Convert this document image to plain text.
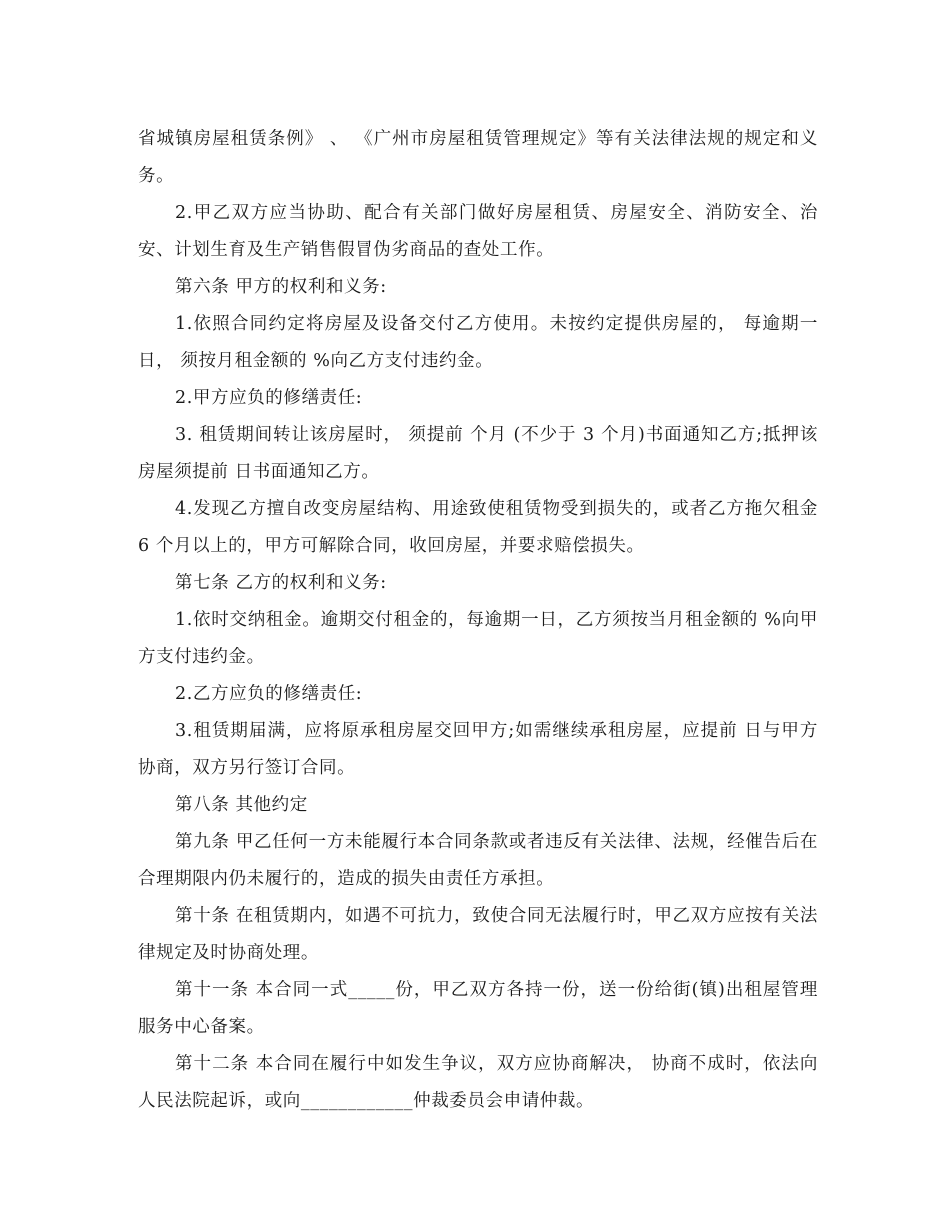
省城镇房屋租赁条例》 、 《广州市房屋租赁管理规定》等有关法律法规的规定和义务。

2.甲乙双方应当协助、配合有关部门做好房屋租赁、房屋安全、消防安全、治安、计划生育及生产销售假冒伪劣商品的查处工作。

第六条 甲方的权利和义务:

1.依照合同约定将房屋及设备交付乙方使用。未按约定提供房屋的， 每逾期一日， 须按月租金额的 %向乙方支付违约金。

2.甲方应负的修缮责任:

3. 租赁期间转让该房屋时， 须提前 个月 (不少于 3 个月)书面通知乙方;抵押该房屋须提前 日书面通知乙方。

4.发现乙方擅自改变房屋结构、用途致使租赁物受到损失的，或者乙方拖欠租金 6 个月以上的，甲方可解除合同，收回房屋，并要求赔偿损失。

第七条 乙方的权利和义务:

1.依时交纳租金。逾期交付租金的，每逾期一日，乙方须按当月租金额的 %向甲方支付违约金。

2.乙方应负的修缮责任:

3.租赁期届满，应将原承租房屋交回甲方;如需继续承租房屋，应提前 日与甲方协商，双方另行签订合同。

第八条 其他约定

第九条 甲乙任何一方未能履行本合同条款或者违反有关法律、法规，经催告后在合理期限内仍未履行的，造成的损失由责任方承担。

第十条 在租赁期内，如遇不可抗力，致使合同无法履行时，甲乙双方应按有关法律规定及时协商处理。

第十一条 本合同一式_____份，甲乙双方各持一份，送一份给街(镇)出租屋管理服务中心备案。

第十二条 本合同在履行中如发生争议，双方应协商解决， 协商不成时，依法向人民法院起诉，或向____________仲裁委员会申请仲裁。
